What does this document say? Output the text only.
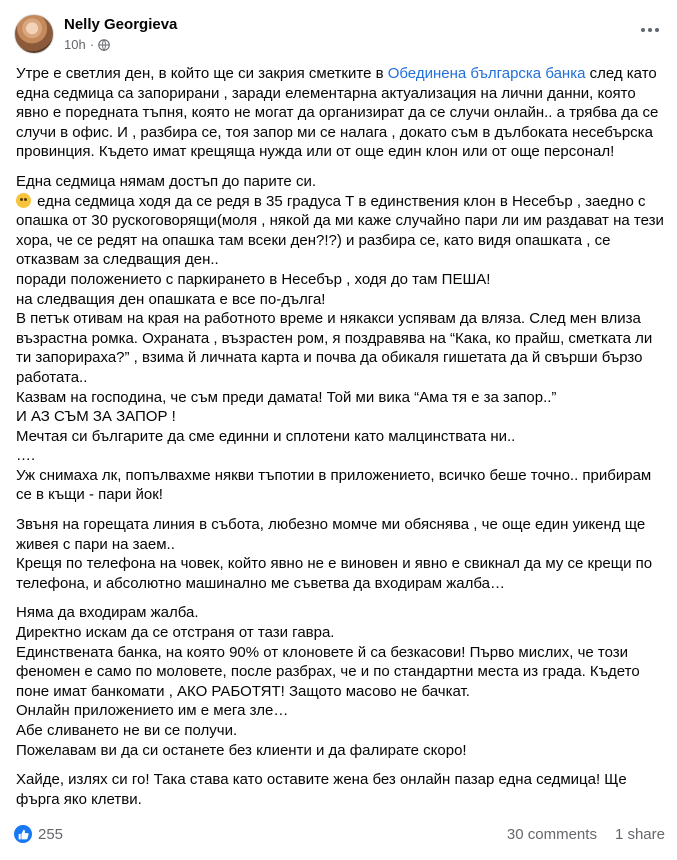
Nelly Georgieva
10h ·
Утре е светлия ден, в който ще си закрия сметките в Обединена българска банка след като една седмица са запорирани , заради елементарна актуализация на лични данни, която явно е поредната тъпня, която не могат да организират да се случи онлайн.. а трябва да се случи в офис. И , разбира се, тоя запор ми се налага , докато съм в дълбоката несебърска провинция. Където имат крещяща нужда или от още един клон или от още персонал!
Една седмица нямам достъп до парите си.
една седмица ходя да се редя в 35 градуса Т в единствения клон в Несебър , заедно с опашка от 30 рускоговорящи(моля , някой да ми каже случайно пари ли им раздават на тези хора, че се редят на опашка там всеки ден?!?) и разбира се, като видя опашката , се отказвам за следващия ден..
поради положението с паркирането в Несебър , ходя до там ПЕША!
на следващия ден опашката е все по-дълга!
В петък отивам на края на работното време и някакси успявам да вляза. След мен влиза възрастна ромка. Охраната , възрастен ром, я поздравява на “Кака, ко прайш, сметката ли ти запорираха?” , взима й личната карта и почва да обикаля гишетата да й свърши бързо работата..
Казвам на господина, че съм преди дамата! Той ми вика “Ама тя е за запор..”
И АЗ СЪМ ЗА ЗАПОР !
Мечтая си българите да сме единни и сплотени като малцинствата ни..
….
Уж снимаха лк, попълвахме някви тъпотии в приложението, всичко беше точно.. прибирам се в къщи - пари йок!
Звъня на горещата линия в събота, любезно момче ми обяснява , че още един уикенд ще живея с пари на заем..
Крещя по телефона на човек, който явно не е виновен и явно е свикнал да му се крещи по телефона, и абсолютно машинално ме съветва да входирам жалба…
Няма да входирам жалба.
Директно искам да се отстраня от тази гавра.
Единствената банка, на която 90% от клоновете й са безкасови! Първо мислих, че този феномен е само по моловете, после разбрах, че и по стандартни места из града. Където поне имат банкомати , АКО РАБОТЯТ! Защото масово не бачкат.
Онлайн приложението им е мега зле…
Абе сливането не ви се получи.
Пожелавам ви да си останете без клиенти и да фалирате скоро!
Хайде, излях си го! Така става като оставите жена без онлайн пазар една седмица! Ще фърга яко клетви.
255	30 comments 1 share
